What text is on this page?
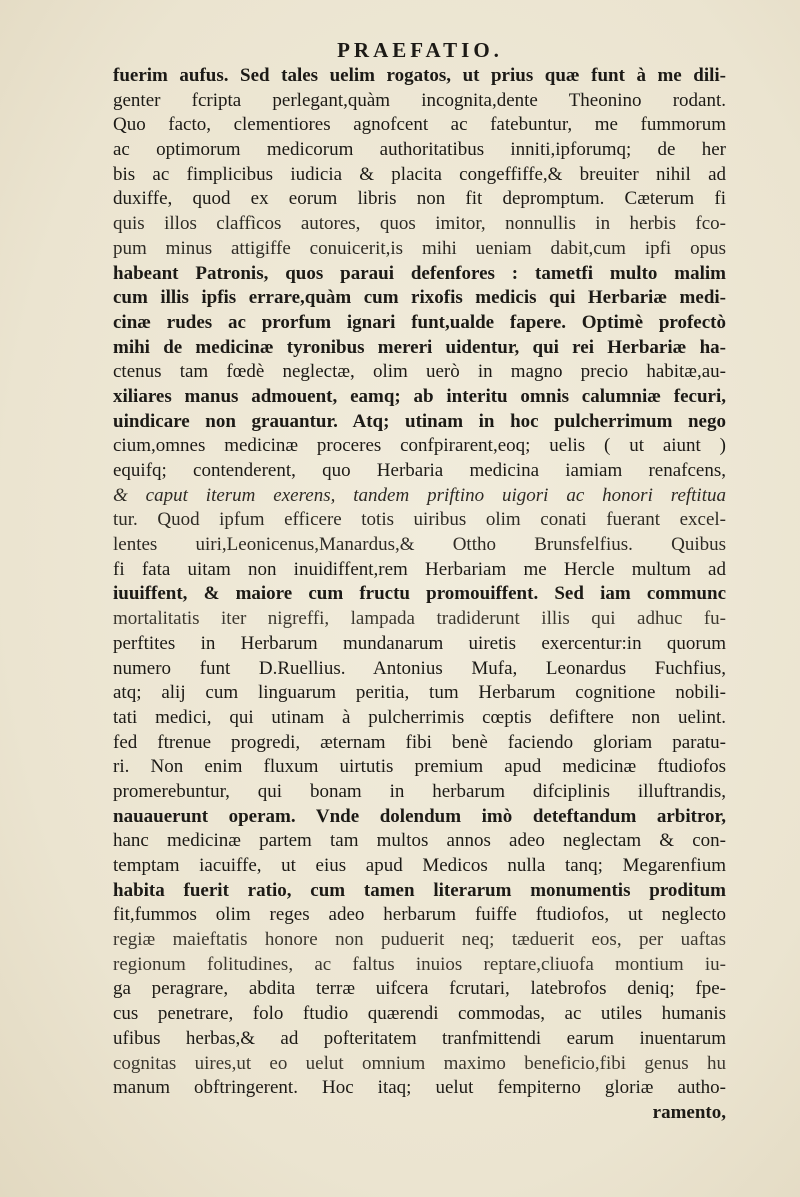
PRAEFATIO.
fuerim aufus. Sed tales uelim rogatos, ut prius quæ funt à me dili-
genter fcripta perlegant,quàm incognita,dente Theonino rodant.
Quo facto, clementiores agnofcent ac fatebuntur, me fummorum
ac optimorum medicorum authoritatibus inniti,ipforumq; de her
bis ac fimplicibus iudicia & placita congeffiffe,& breuiter nihil ad
duxiffe, quod ex eorum libris non fit depromptum. Cæterum fi
quis illos claffìcos autores, quos imitor, nonnullis in herbis fco-
pum minus attigiffe conuicerit,is mihi ueniam dabit,cum ipfi opus
habeant Patronis, quos paraui defenfores : tametfi multo malim
cum illis ipfis errare,quàm cum rixofis medicis qui Herbariæ medi-
cinæ rudes ac prorfum ignari funt,ualde fapere. Optimè profectò
mihi de medicinæ tyronibus mereri uidentur, qui rei Herbariæ ha-
ctenus tam fœdè neglectæ, olim uerò in magno precio habitæ,au-
xiliares manus admouent, eamq; ab interitu omnis calumniæ fecuri,
uindicare non grauantur. Atq; utinam in hoc pulcherrimum nego
cium,omnes medicinæ proceres confpirarent,eoq; uelis ( ut aiunt )
equifq; contenderent, quo Herbaria medicina iamiam renafcens,
& caput iterum exerens, tandem priftino uigori ac honori reftitua
tur. Quod ipfum efficere totis uiribus olim conati fuerant excel-
lentes uiri,Leonicenus,Manardus,& Ottho Brunsfelfius. Quibus
fi fata uitam non inuidiffent,rem Herbariam me Hercle multum ad
iuuiffent, & maiore cum fructu promouiffent. Sed iam communc
mortalitatis iter nigreffi, lampada tradiderunt illis qui adhuc fu-
perftites in Herbarum mundanarum uiretis exercentur:in quorum
numero funt D.Ruellius. Antonius Mufa, Leonardus Fuchfius,
atq; alij cum linguarum peritia, tum Herbarum cognitione nobili-
tati medici, qui utinam à pulcherrimis cœptis defiftere non uelint.
fed ftrenue progredi, æternam fibi benè faciendo gloriam paratu-
ri. Non enim fluxum uirtutis premium apud medicinæ ftudiofos
promerebuntur, qui bonam in herbarum difciplinis illuftrandis,
nauauerunt operam. Vnde dolendum imò deteftandum arbitror,
hanc medicinæ partem tam multos annos adeo neglectam & con-
temptam iacuiffe, ut eius apud Medicos nulla tanq; Megarenfium
habita fuerit ratio, cum tamen literarum monumentis proditum
fit,fummos olim reges adeo herbarum fuiffe ftudiofos, ut neglecto
regiæ maieftatis honore non puduerit neq; tæduerit eos, per uaftas
regionum folitudines, ac faltus inuios reptare,cliuofa montium iu-
ga peragrare, abdita terræ uifcera fcrutari, latebrofos deniq; fpe-
cus penetrare, folo ftudio quærendi commodas, ac utiles humanis
ufibus herbas,& ad pofteritatem tranfmittendi earum inuentarum
cognitas uires,ut eo uelut omnium maximo beneficio,fibi genus hu
manum obftringerent. Hoc itaq; uelut fempiterno gloriæ autho-
ramento,
